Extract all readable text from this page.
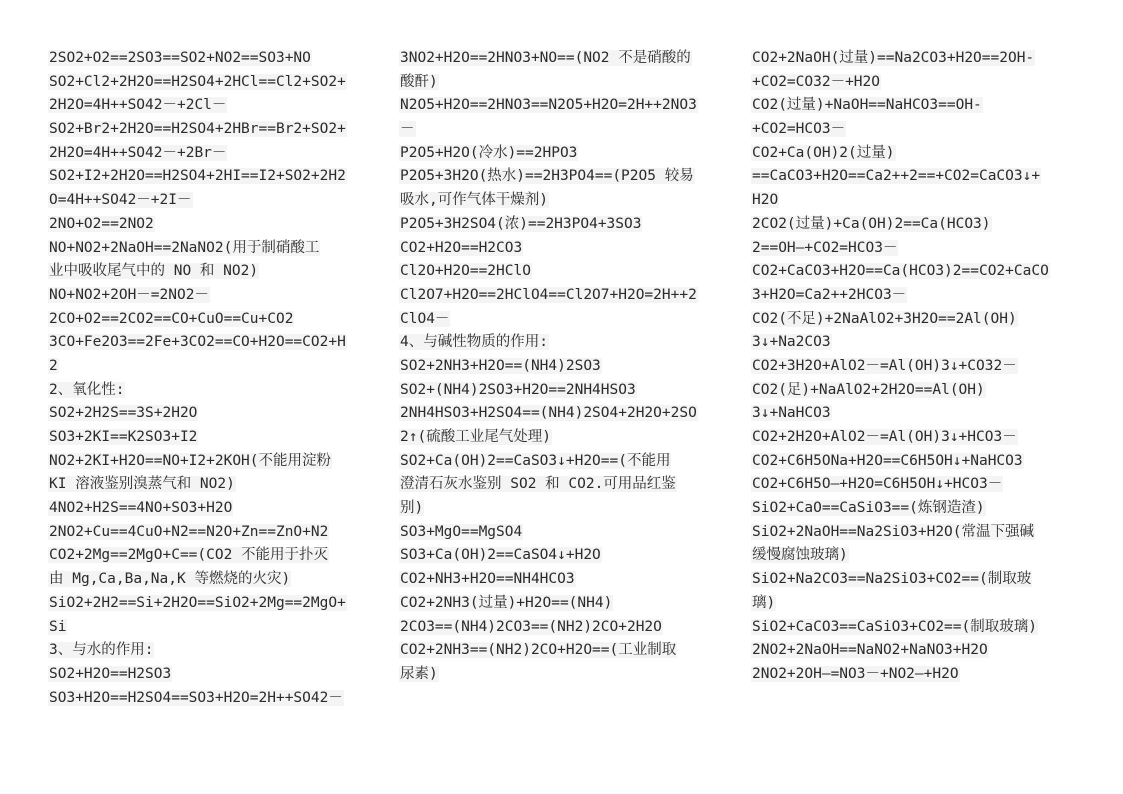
2SO2+O2==2SO3==SO2+NO2==SO3+NO
SO2+Cl2+2H2O==H2SO4+2HCl==Cl2+SO2+
2H2O=4H++SO42－+2Cl－
SO2+Br2+2H2O==H2SO4+2HBr==Br2+SO2+
2H2O=4H++SO42－+2Br－
SO2+I2+2H2O==H2SO4+2HI==I2+SO2+2H2
O=4H++SO42－+2I－
2NO+O2==2NO2
NO+NO2+2NaOH==2NaNO2(用于制硝酸工
业中吸收尾气中的 NO 和 NO2)
NO+NO2+2OH－=2NO2－
2CO+O2==2CO2==CO+CuO==Cu+CO2
3CO+Fe2O3==2Fe+3CO2==CO+H2O==CO2+H
2
2、氧化性:
SO2+2H2S==3S+2H2O
SO3+2KI==K2SO3+I2
NO2+2KI+H2O==NO+I2+2KOH(不能用淀粉
KI 溶液鉴别溴蒸气和 NO2)
4NO2+H2S==4NO+SO3+H2O
2NO2+Cu==4CuO+N2==N2O+Zn==ZnO+N2
CO2+2Mg==2MgO+C==(CO2 不能用于扑灭
由 Mg,Ca,Ba,Na,K 等燃烧的火灾)
SiO2+2H2==Si+2H2O==SiO2+2Mg==2MgO+
Si
3、与水的作用:
SO2+H2O==H2SO3
SO3+H2O==H2SO4==SO3+H2O=2H++SO42－
3NO2+H2O==2HNO3+NO==(NO2 不是硝酸的
酸酐)
N2O5+H2O==2HNO3==N2O5+H2O=2H++2NO3
－
P2O5+H2O(冷水)==2HPO3
P2O5+3H2O(热水)==2H3PO4==(P2O5 较易
吸水,可作气体干燥剂)
P2O5+3H2SO4(浓)==2H3PO4+3SO3
CO2+H2O==H2CO3
Cl2O+H2O==2HClO
Cl2O7+H2O==2HClO4==Cl2O7+H2O=2H++2
ClO4－
4、与碱性物质的作用:
SO2+2NH3+H2O==(NH4)2SO3
SO2+(NH4)2SO3+H2O==2NH4HSO3
2NH4HSO3+H2SO4==(NH4)2SO4+2H2O+2SO
2↑(硫酸工业尾气处理)
SO2+Ca(OH)2==CaSO3↓+H2O==(不能用
澄清石灰水鉴别 SO2 和 CO2.可用品红鉴
别)
SO3+MgO==MgSO4
SO3+Ca(OH)2==CaSO4↓+H2O
CO2+NH3+H2O==NH4HCO3
CO2+2NH3(过量)+H2O==(NH4)
2CO3==(NH4)2CO3==(NH2)2CO+2H2O
CO2+2NH3==(NH2)2CO+H2O==(工业制取
尿素)
CO2+2NaOH(过量)==Na2CO3+H2O==2OH-
+CO2=CO32－+H2O
CO2(过量)+NaOH==NaHCO3==OH-
+CO2=HCO3－
CO2+Ca(OH)2(过量)
==CaCO3+H2O==Ca2++2==+CO2=CaCO3↓+
H2O
2CO2(过量)+Ca(OH)2==Ca(HCO3)
2==OH—+CO2=HCO3－
CO2+CaCO3+H2O==Ca(HCO3)2==CO2+CaCO
3+H2O=Ca2++2HCO3－
CO2(不足)+2NaAlO2+3H2O==2Al(OH)
3↓+Na2CO3
CO2+3H2O+AlO2－=Al(OH)3↓+CO32－
CO2(足)+NaAlO2+2H2O==Al(OH)
3↓+NaHCO3
CO2+2H2O+AlO2－=Al(OH)3↓+HCO3－
CO2+C6H5ONa+H2O==C6H5OH↓+NaHCO3
CO2+C6H5O—+H2O=C6H5OH↓+HCO3－
SiO2+CaO==CaSiO3==(炼钢造渣)
SiO2+2NaOH==Na2SiO3+H2O(常温下强碱
缓慢腐蚀玻璃)
SiO2+Na2CO3==Na2SiO3+CO2==(制取玻
璃)
SiO2+CaCO3==CaSiO3+CO2==(制取玻璃)
2NO2+2NaOH==NaNO2+NaNO3+H2O
2NO2+2OH—=NO3－+NO2—+H2O
